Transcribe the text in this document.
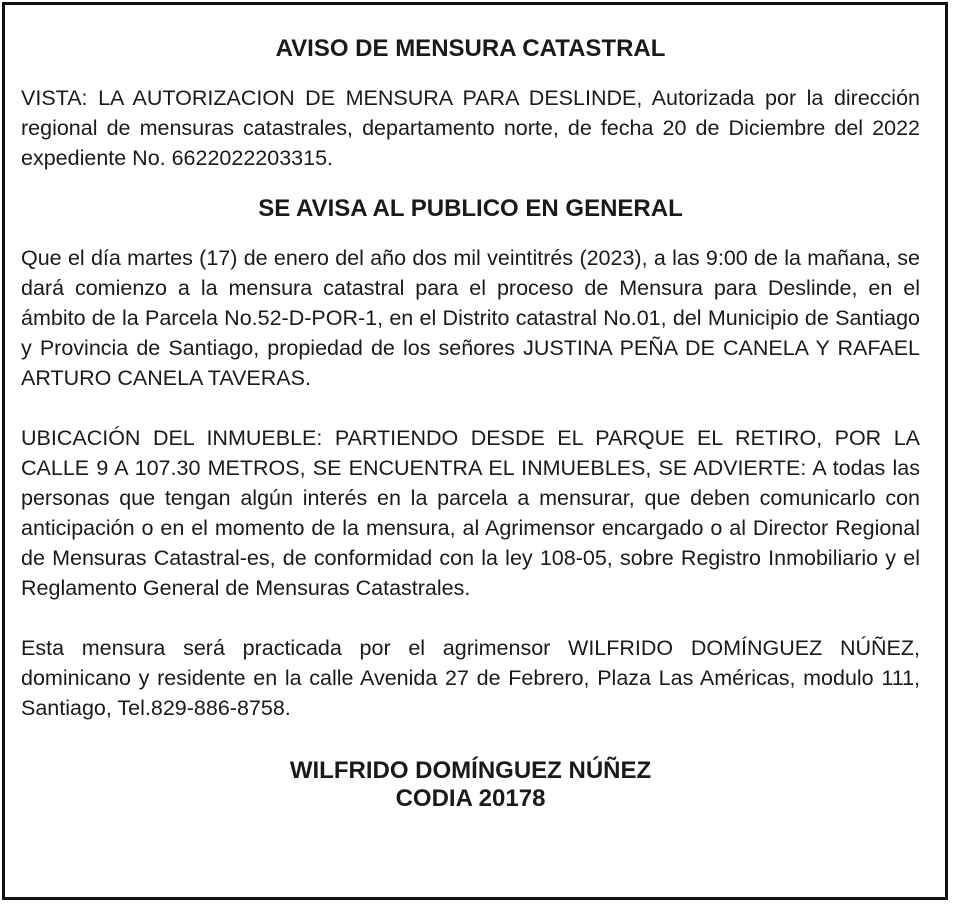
AVISO DE MENSURA CATASTRAL

VISTA: LA AUTORIZACION DE MENSURA PARA DESLINDE, Autorizada por la dirección regional de mensuras catastrales, departamento norte, de fecha 20 de Diciembre del 2022 expediente No. 6622022203315.

SE AVISA AL PUBLICO EN GENERAL

Que el día martes (17) de enero del año dos mil veintitrés (2023), a las 9:00 de la mañana, se dará comienzo a la mensura catastral para el proceso de Mensura para Deslinde, en el ámbito de la Parcela No.52-D-POR-1, en el Distrito catastral No.01, del Municipio de Santiago y Provincia de Santiago, propiedad de los señores JUSTINA PEÑA DE CANELA Y RAFAEL ARTURO CANELA TAVERAS.

UBICACIÓN DEL INMUEBLE: PARTIENDO DESDE EL PARQUE EL RETIRO, POR LA CALLE 9 A 107.30 METROS, SE ENCUENTRA EL INMUEBLES, SE ADVIERTE: A todas las personas que tengan algún interés en la parcela a mensurar, que deben comunicarlo con anticipación o en el momento de la mensura, al Agrimensor encargado o al Director Regional de Mensuras Catastral-es, de conformidad con la ley 108-05, sobre Registro Inmobiliario y el Reglamento General de Mensuras Catastrales.

Esta mensura será practicada por el agrimensor WILFRIDO DOMÍNGUEZ NÚÑEZ, dominicano y residente en la calle Avenida 27 de Febrero, Plaza Las Américas, modulo 111, Santiago, Tel.829-886-8758.

WILFRIDO DOMÍNGUEZ NÚÑEZ
CODIA 20178
